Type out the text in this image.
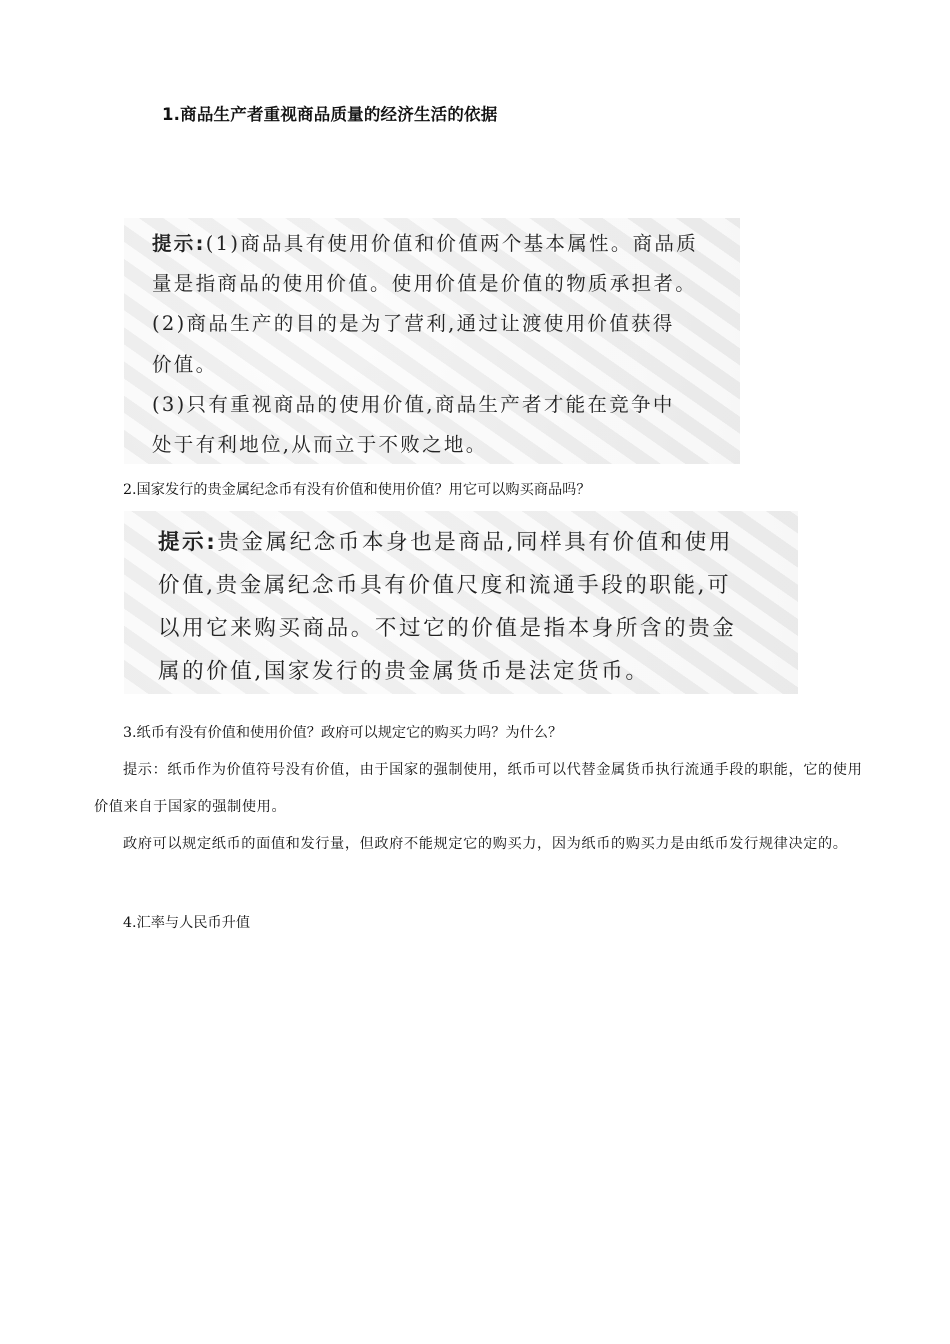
1.商品生产者重视商品质量的经济生活的依据
提示:(1)商品具有使用价值和价值两个基本属性。商品质
量是指商品的使用价值。使用价值是价值的物质承担者。
(2)商品生产的目的是为了营利,通过让渡使用价值获得
价值。
(3)只有重视商品的使用价值,商品生产者才能在竞争中
处于有利地位,从而立于不败之地。
2.国家发行的贵金属纪念币有没有价值和使用价值？用它可以购买商品吗？
提示:贵金属纪念币本身也是商品,同样具有价值和使用
价值,贵金属纪念币具有价值尺度和流通手段的职能,可
以用它来购买商品。不过它的价值是指本身所含的贵金
属的价值,国家发行的贵金属货币是法定货币。
3.纸币有没有价值和使用价值？政府可以规定它的购买力吗？为什么？
提示：纸币作为价值符号没有价值，由于国家的强制使用，纸币可以代替金属货币执行流通手段的职能，它的使用价值来自于国家的强制使用。
政府可以规定纸币的面值和发行量，但政府不能规定它的购买力，因为纸币的购买力是由纸币发行规律决定的。
4.汇率与人民币升值
